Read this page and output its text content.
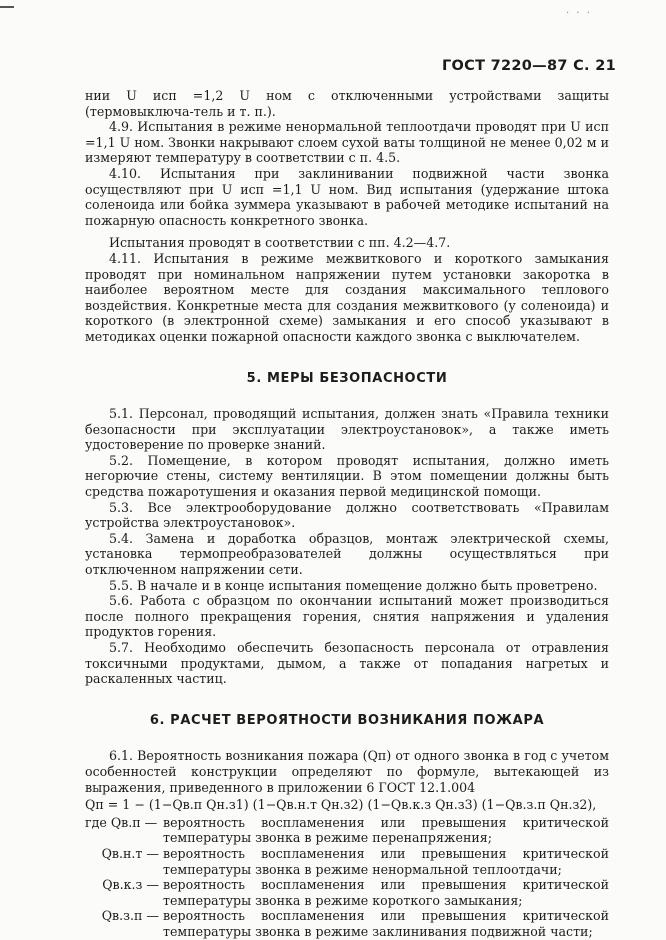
· · ·
ГОСТ 7220—87 С. 21

нии U исп =1,2 U ном с отключенными устройствами защиты (термовыключа-тель и т. п.).

4.9. Испытания в режиме ненормальной теплоотдачи проводят при U исп =1,1 U ном. Звонки накрывают слоем сухой ваты толщиной не менее 0,02 м и измеряют температуру в соответствии с п. 4.5.

4.10. Испытания при заклинивании подвижной части звонка осуществляют при U исп =1,1 U ном. Вид испытания (удержание штока соленоида или бойка зуммера указывают в рабочей методике испытаний на пожарную опасность конкретного звонка.

Испытания проводят в соответствии с пп. 4.2—4.7.

4.11. Испытания в режиме межвиткового и короткого замыкания проводят при номинальном напряжении путем установки закоротка в наиболее вероятном месте для создания максимального теплового воздействия. Конкретные места для создания межвиткового (у соленоида) и короткого (в электронной схеме) замыкания и его способ указывают в методиках оценки пожарной опасности каждого звонка с выключателем.

5. МЕРЫ БЕЗОПАСНОСТИ

5.1. Персонал, проводящий испытания, должен знать «Правила техники безопасности при эксплуатации электроустановок», а также иметь удостоверение по проверке знаний.

5.2. Помещение, в котором проводят испытания, должно иметь негорючие стены, систему вентиляции. В этом помещении должны быть средства пожаротушения и оказания первой медицинской помощи.

5.3. Все электрооборудование должно соответствовать «Правилам устройства электроустановок».

5.4. Замена и доработка образцов, монтаж электрической схемы, установка термопреобразователей должны осуществляться при отключенном напряжении сети.

5.5. В начале и в конце испытания помещение должно быть проветрено.

5.6. Работа с образцом по окончании испытаний может производиться после полного прекращения горения, снятия напряжения и удаления продуктов горения.

5.7. Необходимо обеспечить безопасность персонала от отравления токсичными продуктами, дымом, а также от попадания нагретых и раскаленных частиц.

6. РАСЧЕТ ВЕРОЯТНОСТИ ВОЗНИКАНИЯ ПОЖАРА

6.1. Вероятность возникания пожара (Qп) от одного звонка в год с учетом особенностей конструкции определяют по формуле, вытекающей из выражения, приведенного в приложении 6 ГОСТ 12.1.004

Qп = 1 − (1−Qв.п Qн.з1) (1−Qв.н.т Qн.з2) (1−Qв.к.з Qн.з3) (1−Qв.з.п Qн.з2),
где Qв.п — вероятность воспламенения или превышения критической температуры звонка в режиме перенапряжения;
Qв.н.т — вероятность воспламенения или превышения критической температуры звонка в режиме ненормальной теплоотдачи;
Qв.к.з — вероятность воспламенения или превышения критической температуры звонка в режиме короткого замыкания;
Qв.з.п — вероятность воспламенения или превышения критической температуры звонка в режиме заклинивания подвижной части;
